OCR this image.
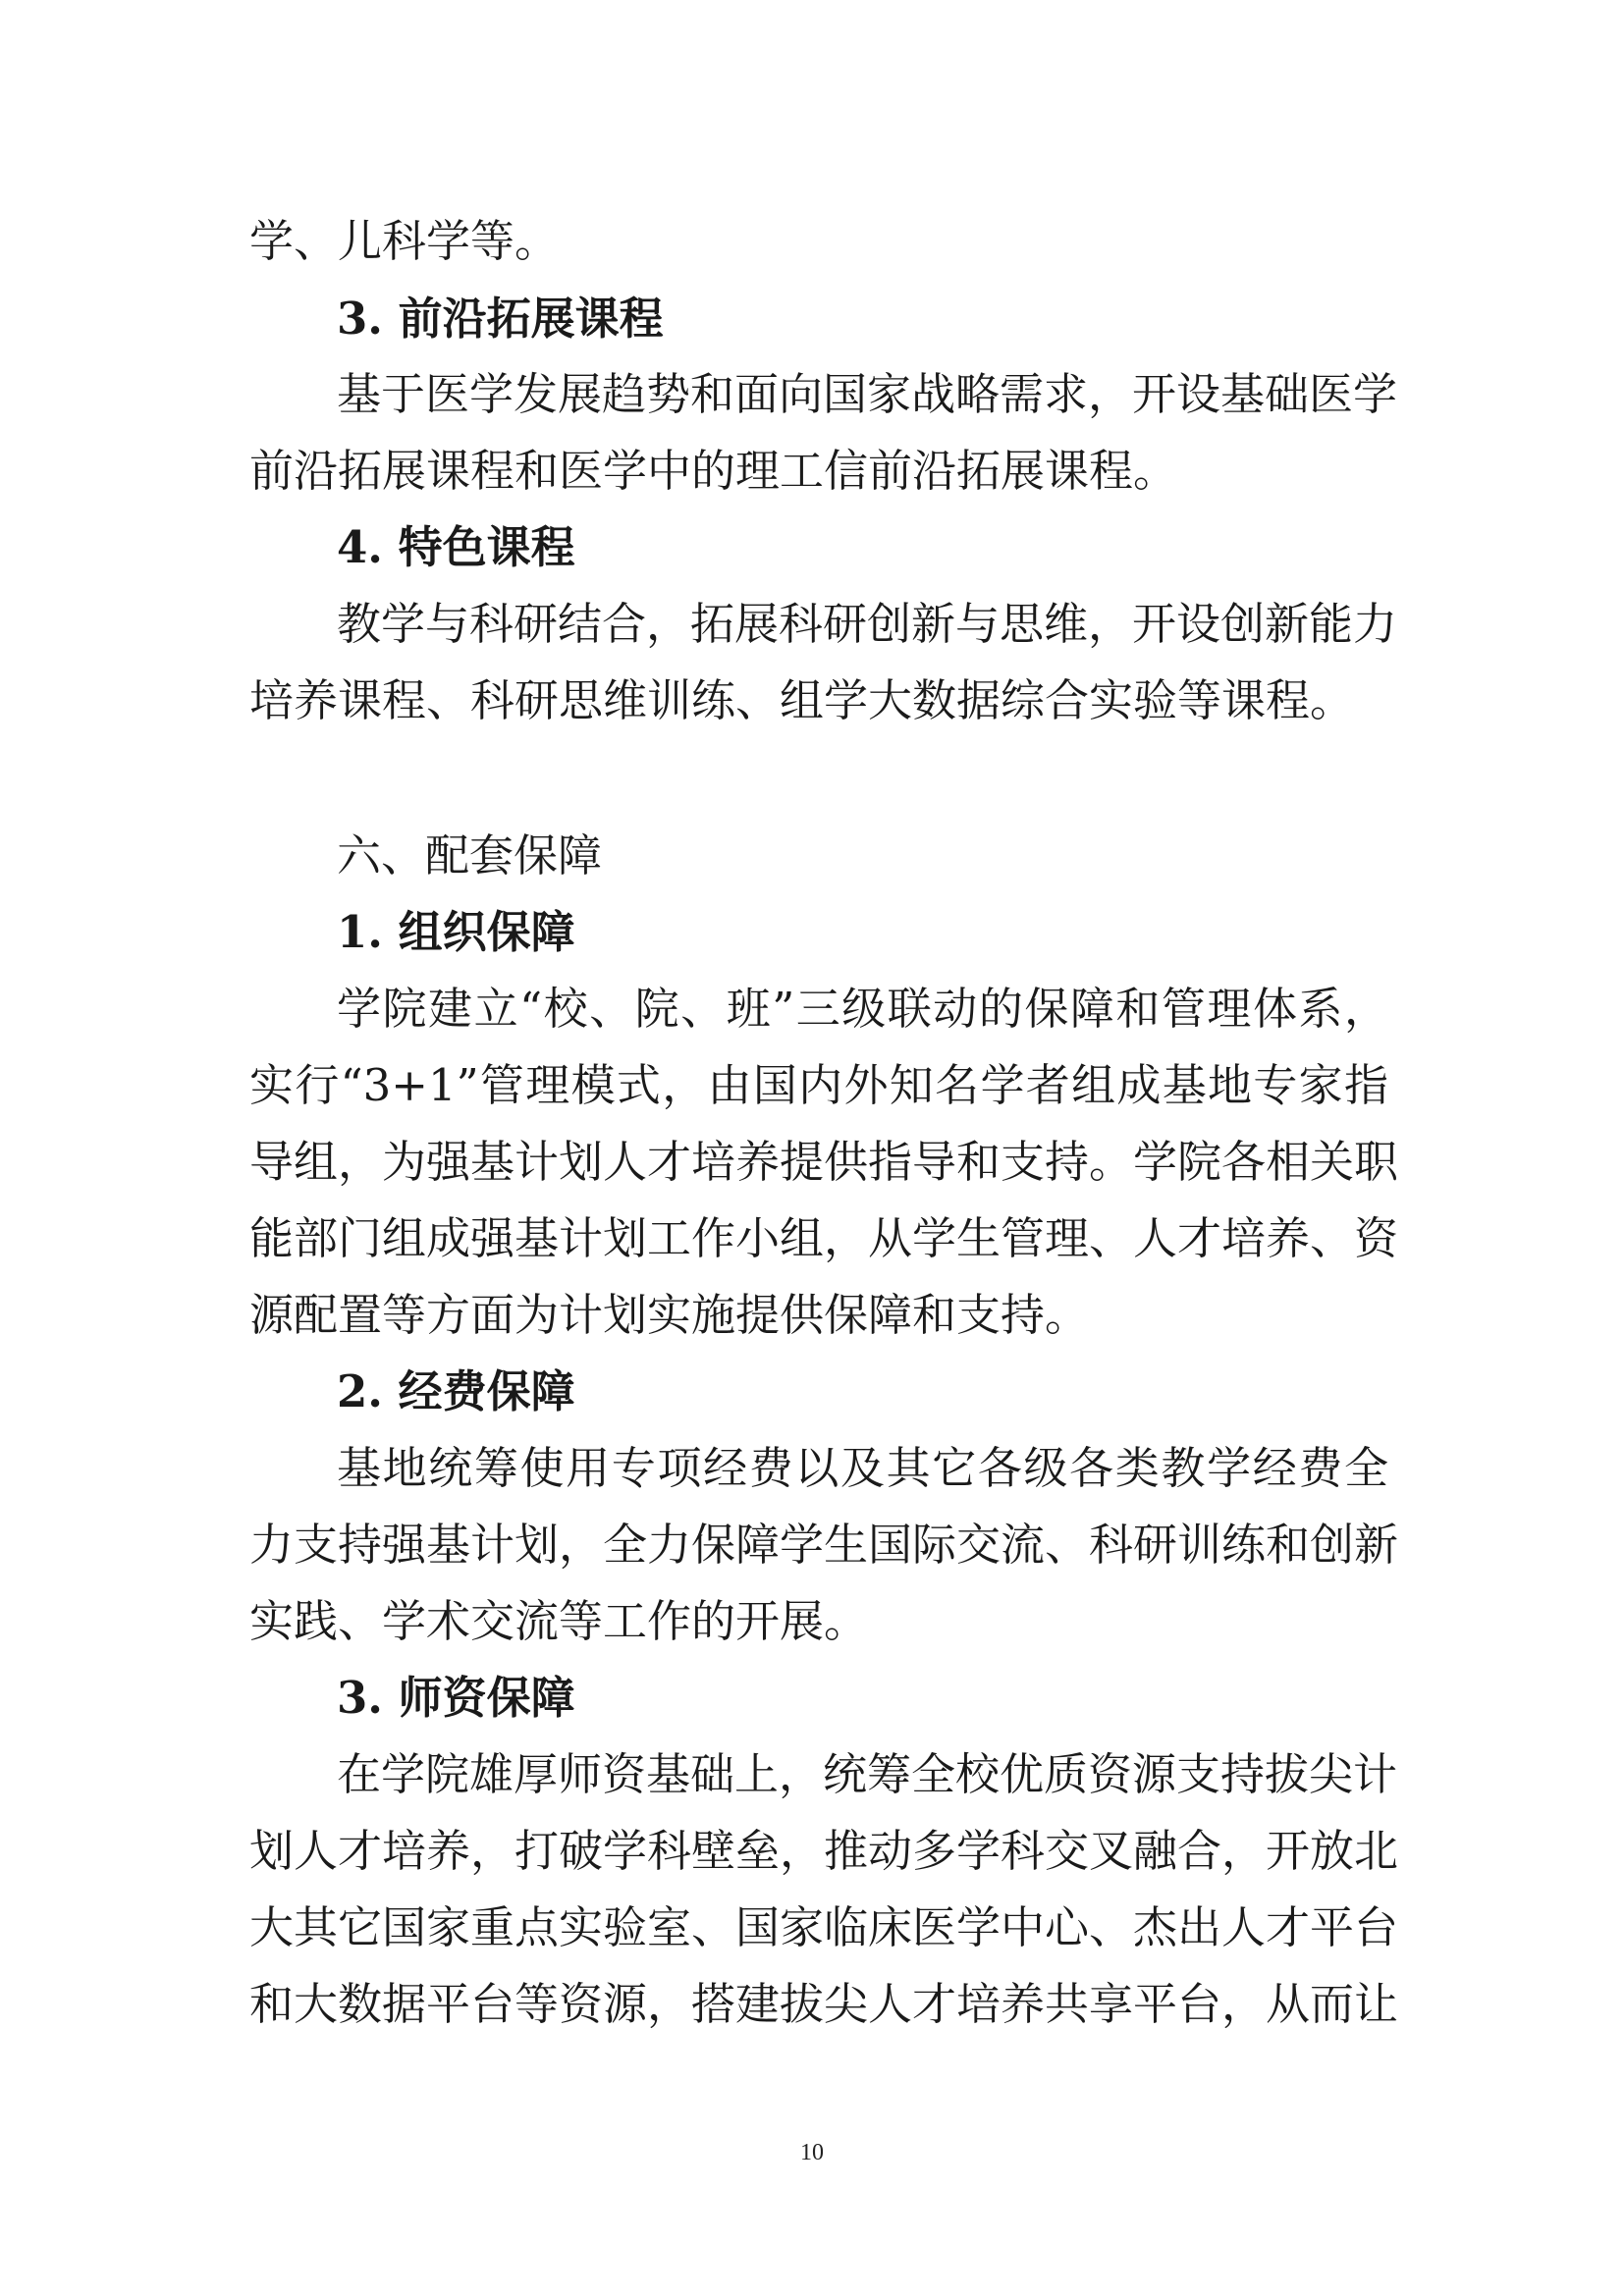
学、儿科学等。
3. 前沿拓展课程
基于医学发展趋势和面向国家战略需求，开设基础医学
前沿拓展课程和医学中的理工信前沿拓展课程。
4. 特色课程
教学与科研结合，拓展科研创新与思维，开设创新能力
培养课程、科研思维训练、组学大数据综合实验等课程。
六、配套保障
1. 组织保障
学院建立“校、院、班”三级联动的保障和管理体系，
实行“3+1”管理模式，由国内外知名学者组成基地专家指
导组，为强基计划人才培养提供指导和支持。学院各相关职
能部门组成强基计划工作小组，从学生管理、人才培养、资
源配置等方面为计划实施提供保障和支持。
2. 经费保障
基地统筹使用专项经费以及其它各级各类教学经费全
力支持强基计划，全力保障学生国际交流、科研训练和创新
实践、学术交流等工作的开展。
3. 师资保障
在学院雄厚师资基础上，统筹全校优质资源支持拔尖计
划人才培养，打破学科壁垒，推动多学科交叉融合，开放北
大其它国家重点实验室、国家临床医学中心、杰出人才平台
和大数据平台等资源，搭建拔尖人才培养共享平台，从而让
10
